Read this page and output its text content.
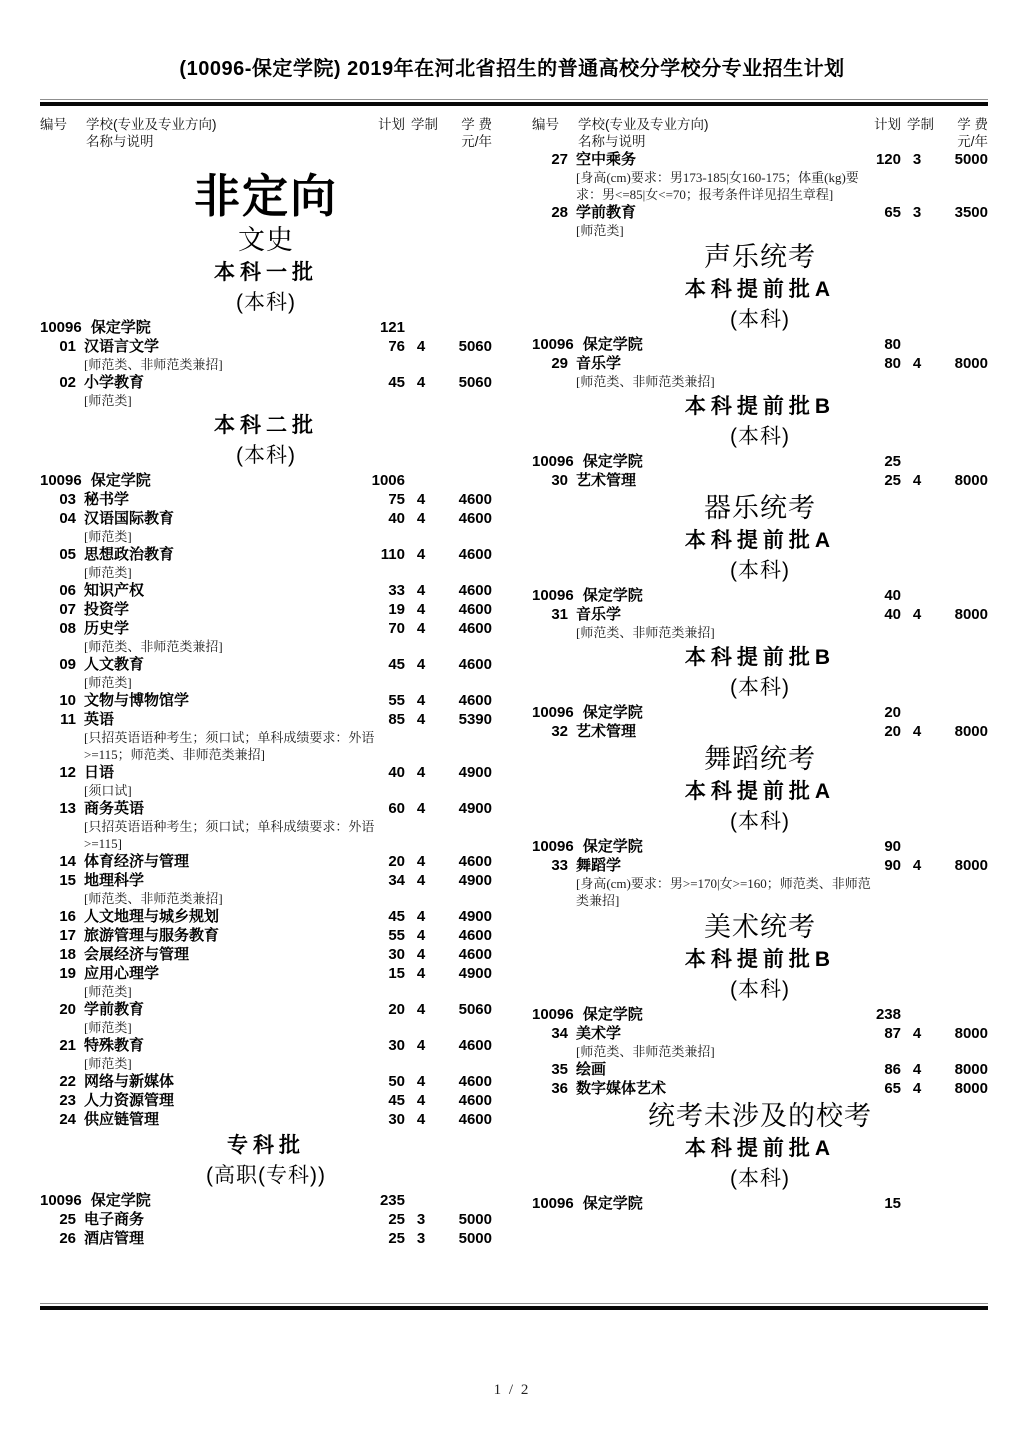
(10096-保定学院) 2019年在河北省招生的普通高校分学校分专业招生计划
编号	学校(专业及专业方向)
名称与说明
计划 学制	学 费
元/年
非定向
文史
本科一批
(本科)
10096 保定学院	121
01 汉语言文学	76 4	5060
[师范类、非师范类兼招]
02 小学教育	45 4	5060
[师范类]
本科二批
(本科)
10096 保定学院	1006
03 秘书学	75 4	4600
04 汉语国际教育	40 4	4600
[师范类]
05 思想政治教育	110 4	4600
[师范类]
06 知识产权	33 4	4600
07 投资学	19 4	4600
08 历史学	70 4	4600
[师范类、非师范类兼招]
09 人文教育	45 4	4600
[师范类]
10 文物与博物馆学	55 4	4600
11 英语	85 4	5390
[只招英语语种考生；须口试；单科成绩要求：外语>=115；师范类、非师范类兼招]
12 日语	40 4	4900
[须口试]
13 商务英语	60 4	4900
[只招英语语种考生；须口试；单科成绩要求：外语>=115]
14 体育经济与管理	20 4	4600
15 地理科学	34 4	4900
[师范类、非师范类兼招]
16 人文地理与城乡规划	45 4	4900
17 旅游管理与服务教育	55 4	4600
18 会展经济与管理	30 4	4600
19 应用心理学	15 4	4900
[师范类]
20 学前教育	20 4	5060
[师范类]
21 特殊教育	30 4	4600
[师范类]
22 网络与新媒体	50 4	4600
23 人力资源管理	45 4	4600
24 供应链管理	30 4	4600
专科批
(高职(专科))
10096 保定学院	235
25 电子商务	25 3	5000
26 酒店管理	25 3	5000
编号	学校(专业及专业方向)
名称与说明
计划 学制	学 费
元/年
27 空中乘务	120 3	5000
[身高(cm)要求：男173-185|女160-175；体重(kg)要求：男<=85|女<=70；报考条件详见招生章程]
28 学前教育	65 3	3500
[师范类]
声乐统考
本科提前批A
(本科)
10096 保定学院	80
29 音乐学	80 4	8000
[师范类、非师范类兼招]
本科提前批B
(本科)
10096 保定学院	25
30 艺术管理	25 4	8000
器乐统考
本科提前批A
(本科)
10096 保定学院	40
31 音乐学	40 4	8000
[师范类、非师范类兼招]
本科提前批B
(本科)
10096 保定学院	20
32 艺术管理	20 4	8000
舞蹈统考
本科提前批A
(本科)
10096 保定学院	90
33 舞蹈学	90 4	8000
[身高(cm)要求：男>=170|女>=160；师范类、非师范类兼招]
美术统考
本科提前批B
(本科)
10096 保定学院	238
34 美术学	87 4	8000
[师范类、非师范类兼招]
35 绘画	86 4	8000
36 数字媒体艺术	65 4	8000
统考未涉及的校考
本科提前批A
(本科)
10096 保定学院	15
1 / 2
